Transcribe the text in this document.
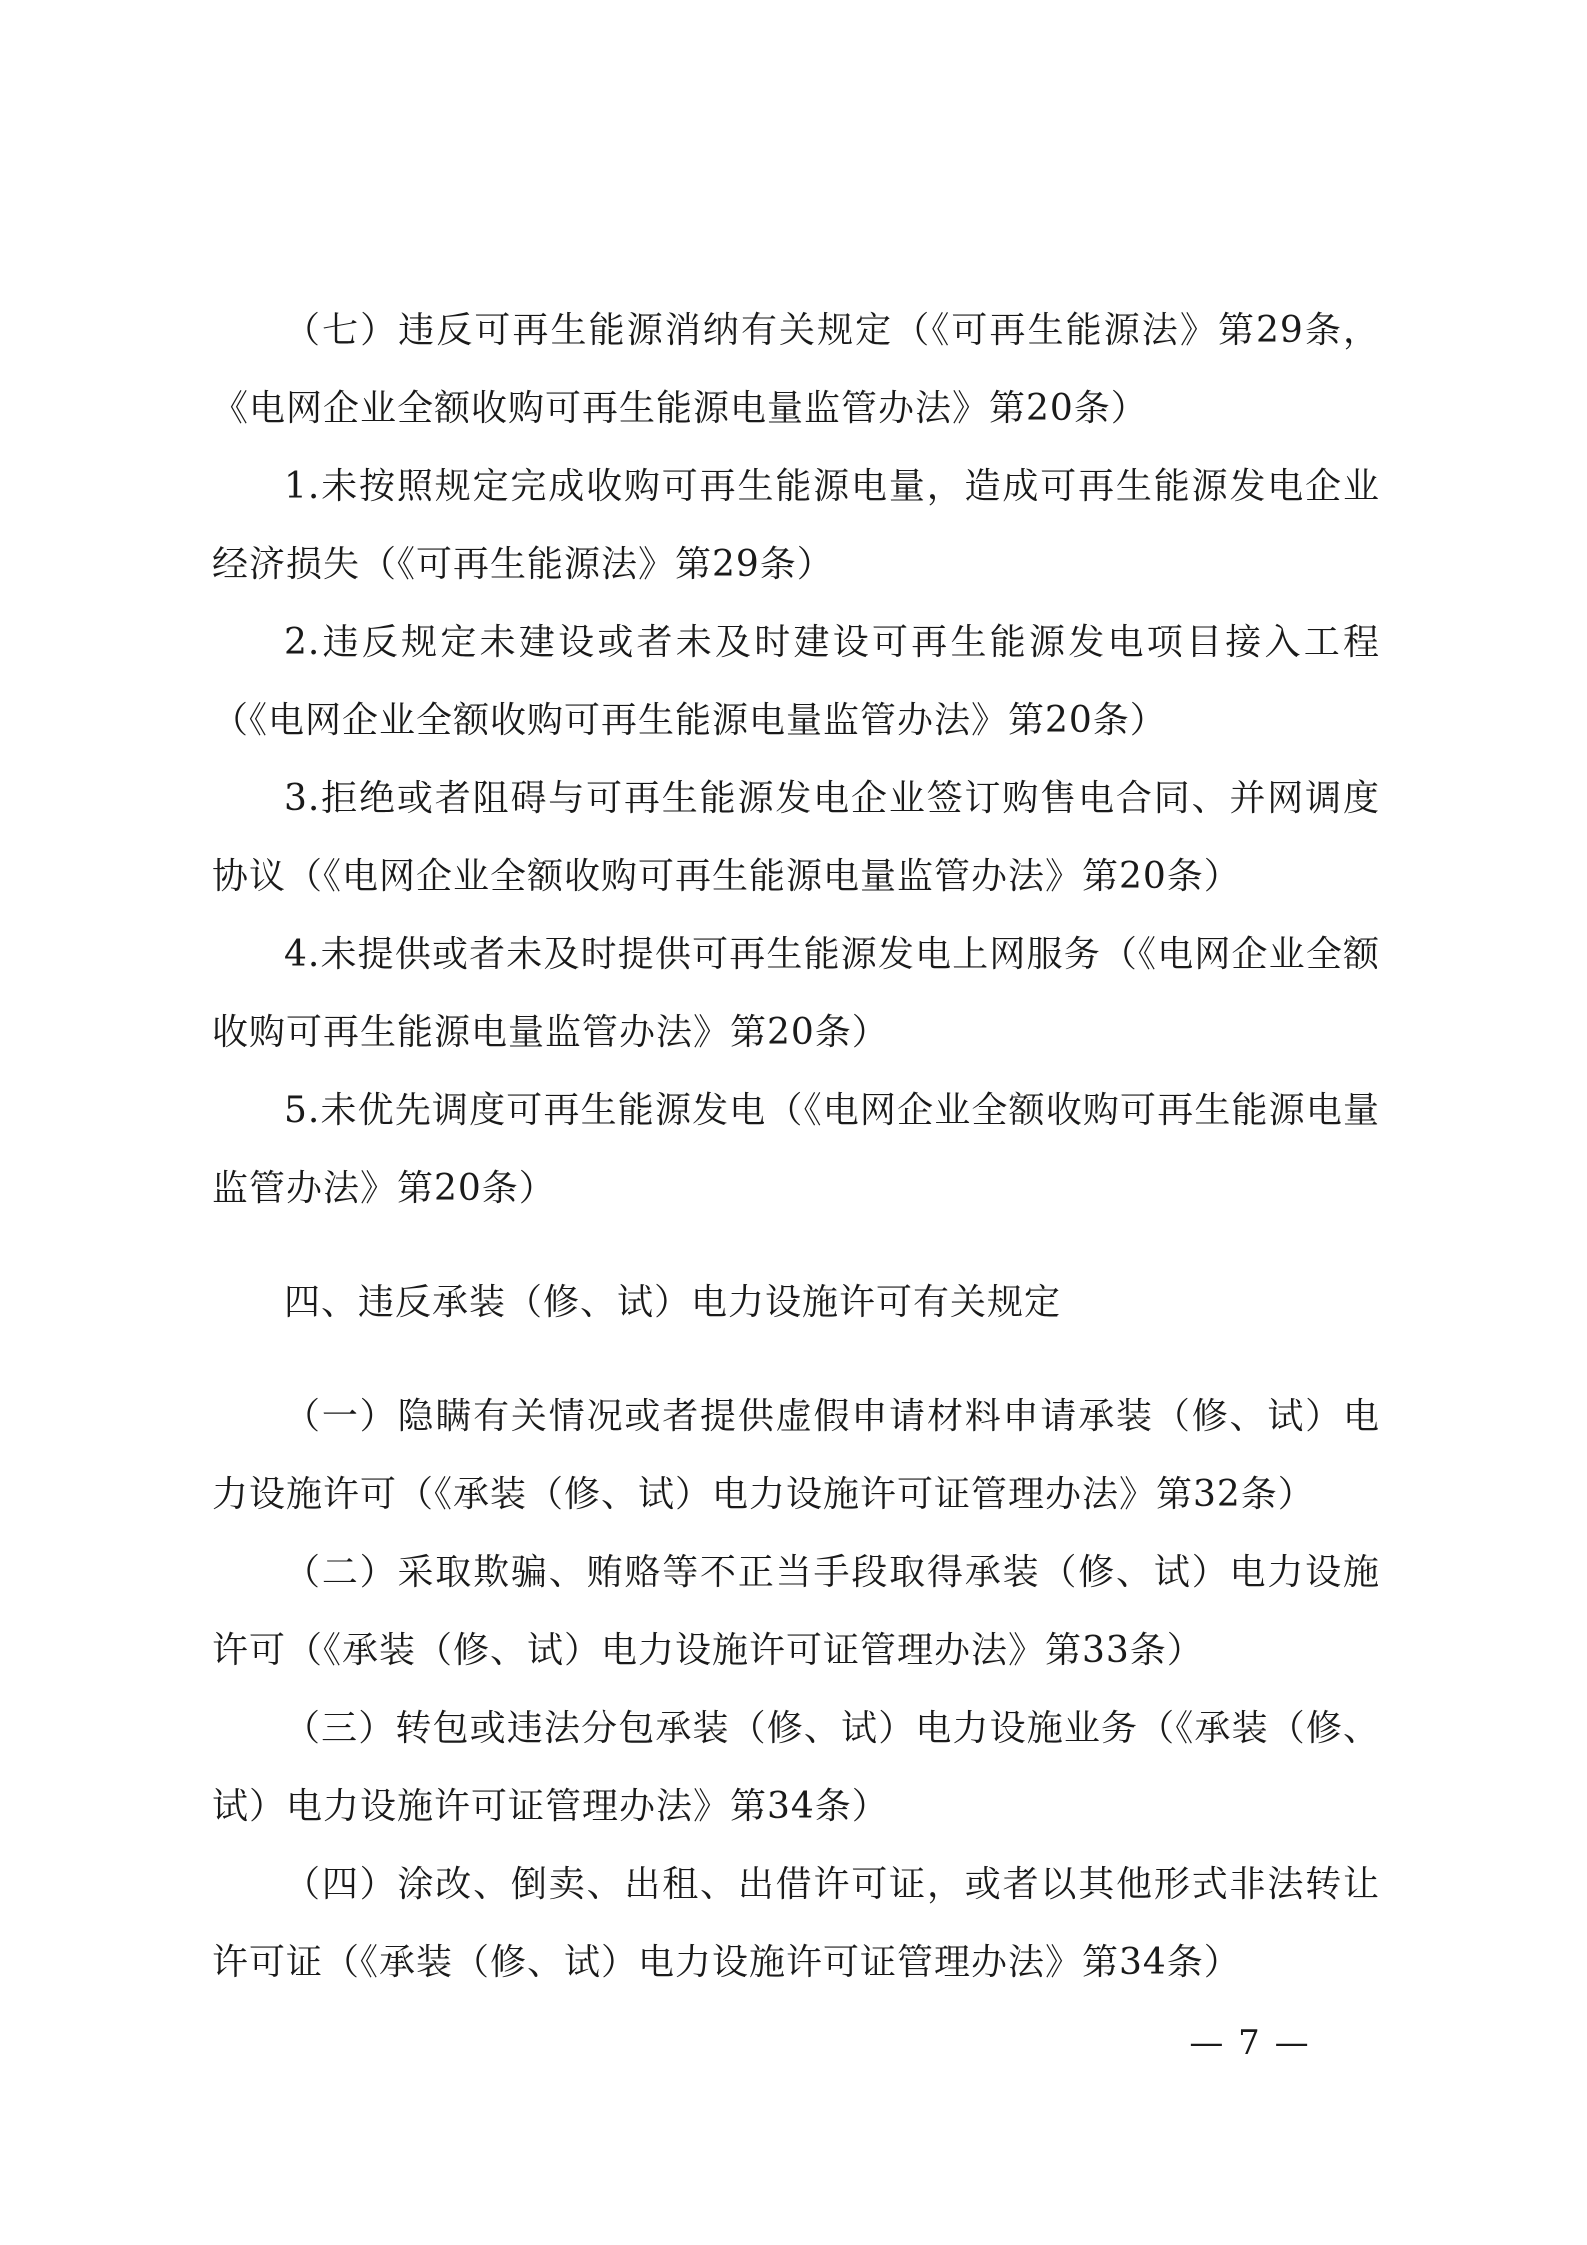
（七）违反可再生能源消纳有关规定（《可再生能源法》第29条，《电网企业全额收购可再生能源电量监管办法》第20条）

1.未按照规定完成收购可再生能源电量，造成可再生能源发电企业经济损失（《可再生能源法》第29条）

2.违反规定未建设或者未及时建设可再生能源发电项目接入工程（《电网企业全额收购可再生能源电量监管办法》第20条）

3.拒绝或者阻碍与可再生能源发电企业签订购售电合同、并网调度协议（《电网企业全额收购可再生能源电量监管办法》第20条）

4.未提供或者未及时提供可再生能源发电上网服务（《电网企业全额收购可再生能源电量监管办法》第20条）

5.未优先调度可再生能源发电（《电网企业全额收购可再生能源电量监管办法》第20条）

四、违反承装（修、试）电力设施许可有关规定

（一）隐瞒有关情况或者提供虚假申请材料申请承装（修、试）电力设施许可（《承装（修、试）电力设施许可证管理办法》第32条）

（二）采取欺骗、贿赂等不正当手段取得承装（修、试）电力设施许可（《承装（修、试）电力设施许可证管理办法》第33条）

（三）转包或违法分包承装（修、试）电力设施业务（《承装（修、试）电力设施许可证管理办法》第34条）

（四）涂改、倒卖、出租、出借许可证，或者以其他形式非法转让许可证（《承装（修、试）电力设施许可证管理办法》第34条）

— 7 —
